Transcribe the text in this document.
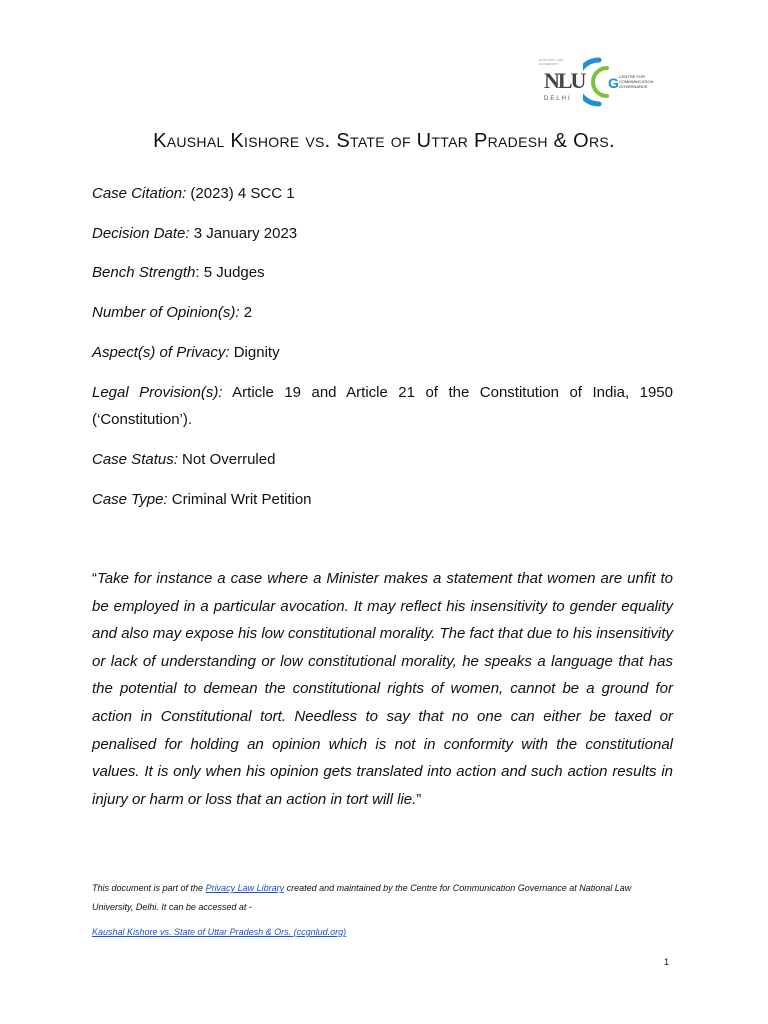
NATIONAL LAW UNIVERSITY
NLU
DELHI
G CENTRE FOR COMMUNICATION GOVERNANCE
Kaushal Kishore vs. State of Uttar Pradesh & Ors.

Case Citation: (2023) 4 SCC 1

Decision Date: 3 January 2023

Bench Strength: 5 Judges

Number of Opinion(s): 2

Aspect(s) of Privacy: Dignity

Legal Provision(s): Article 19 and Article 21 of the Constitution of India, 1950 (‘Constitution’).

Case Status: Not Overruled

Case Type: Criminal Writ Petition

“Take for instance a case where a Minister makes a statement that women are unfit to be employed in a particular avocation. It may reflect his insensitivity to gender equality and also may expose his low constitutional morality. The fact that due to his insensitivity or lack of understanding or low constitutional morality, he speaks a language that has the potential to demean the constitutional rights of women, cannot be a ground for action in Constitutional tort. Needless to say that no one can either be taxed or penalised for holding an opinion which is not in conformity with the constitutional values. It is only when his opinion gets translated into action and such action results in injury or harm or loss that an action in tort will lie.”

This document is part of the Privacy Law Library created and maintained by the Centre for Communication Governance at National Law University, Delhi. It can be accessed at -

Kaushal Kishore vs. State of Uttar Pradesh & Ors. (ccgnlud.org)

1
